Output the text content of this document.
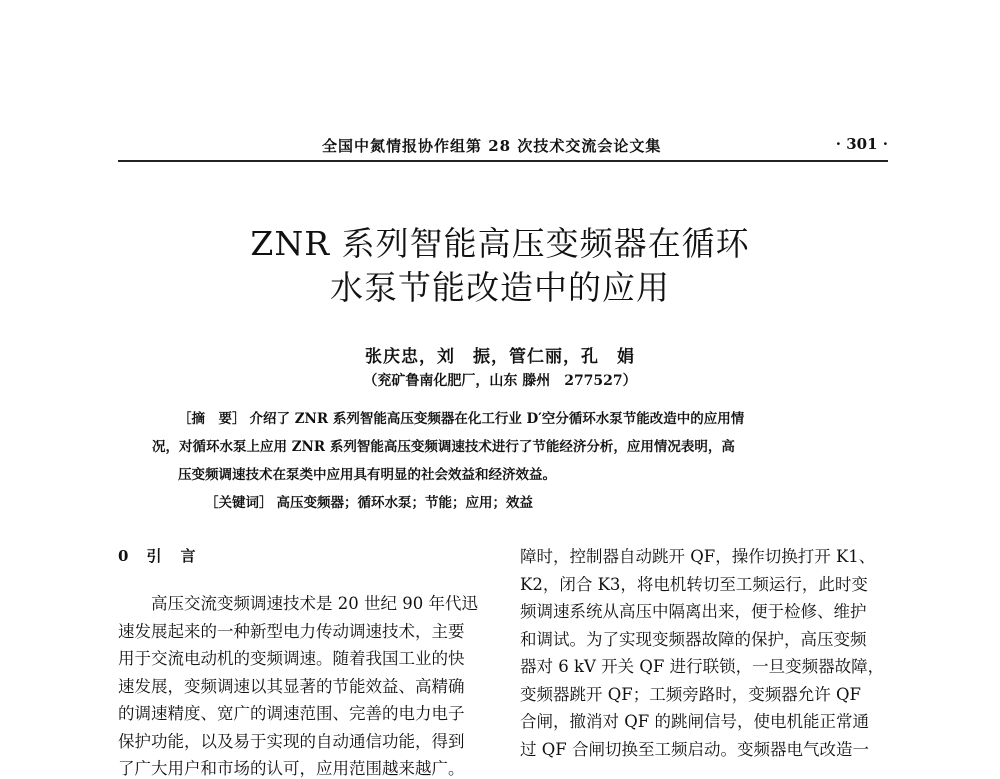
全国中氮情报协作组第 28 次技术交流会论文集	· 301 ·
ZNR 系列智能高压变频器在循环
水泵节能改造中的应用
张庆忠，刘　振，管仁丽，孔　娟
（兖矿鲁南化肥厂，山东 滕州　277527）
［摘　要］ 介绍了 ZNR 系列智能高压变频器在化工行业 D′空分循环水泵节能改造中的应用情
况，对循环水泵上应用 ZNR 系列智能高压变频调速技术进行了节能经济分析，应用情况表明，高
压变频调速技术在泵类中应用具有明显的社会效益和经济效益。
［关键词］ 高压变频器；循环水泵；节能；应用；效益
0 引　言
高压交流变频调速技术是 20 世纪 90 年代迅
速发展起来的一种新型电力传动调速技术，主要
用于交流电动机的变频调速。随着我国工业的快
速发展，变频调速以其显著的节能效益、高精确
的调速精度、宽广的调速范围、完善的电力电子
保护功能，以及易于实现的自动通信功能，得到
了广大用户和市场的认可，应用范围越来越广。
障时，控制器自动跳开 QF，操作切换打开 K1、
K2，闭合 K3，将电机转切至工频运行，此时变
频调速系统从高压中隔离出来，便于检修、维护
和调试。为了实现变频器故障的保护，高压变频
器对 6 kV 开关 QF 进行联锁，一旦变频器故障，
变频器跳开 QF；工频旁路时，变频器允许 QF
合闸，撤消对 QF 的跳闸信号，使电机能正常通
过 QF 合闸切换至工频启动。变频器电气改造一
